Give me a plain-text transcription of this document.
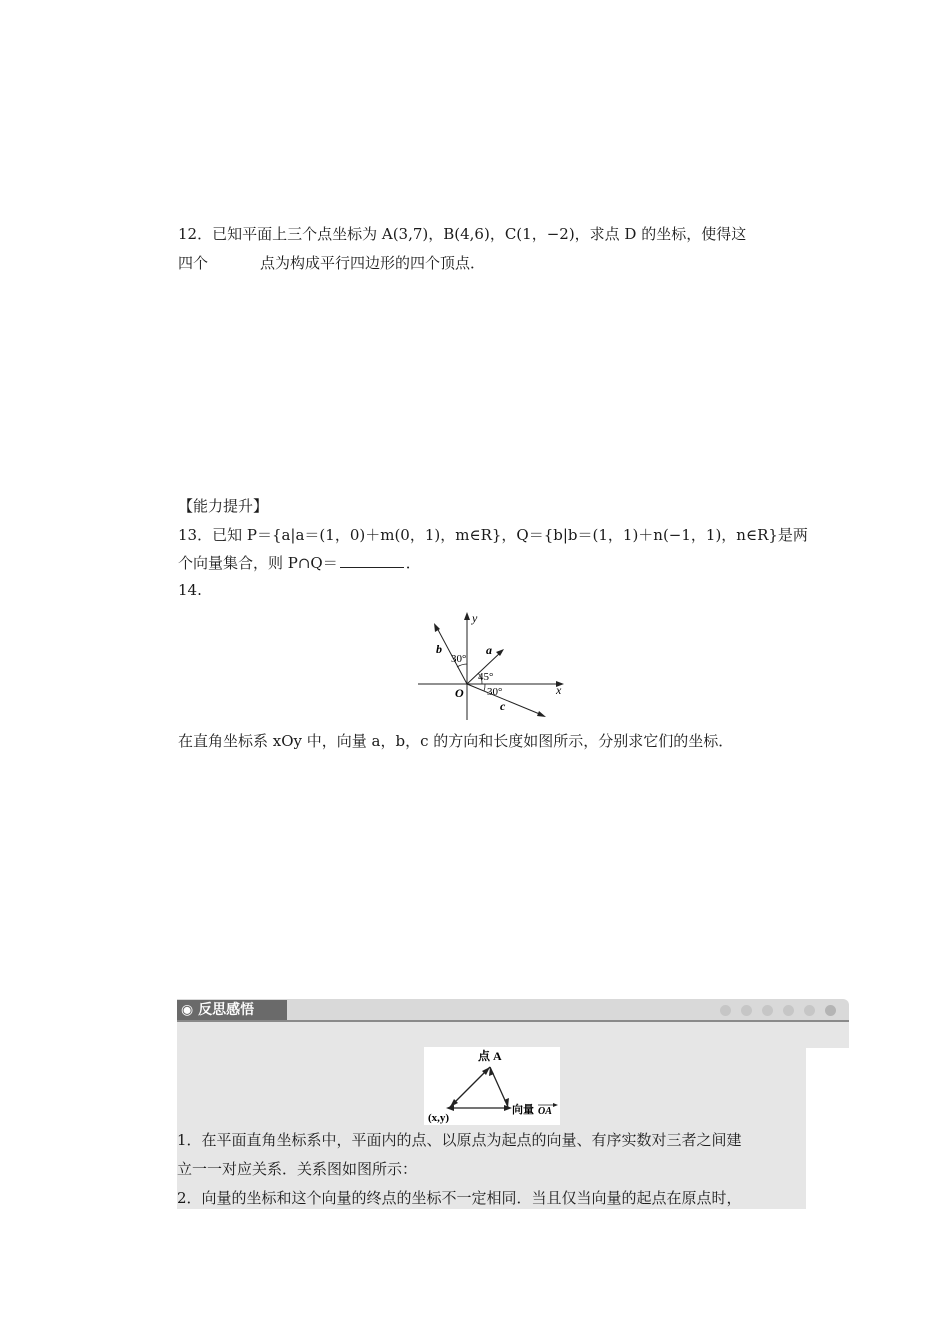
12．已知平面上三个点坐标为 A(3,7)，B(4,6)，C(1，−2)，求点 D 的坐标，使得这
四个	点为构成平行四边形的四个顶点．
【能力提升】
13．已知 P＝{a|a＝(1，0)＋m(0，1)，m∈R}，Q＝{b|b＝(1，1)＋n(−1，1)，n∈R}是两
个向量集合，则 P∩Q＝	．
14.
x
y
O
b	a
c
30°
45°
30°
在直角坐标系 xOy 中，向量 a，b，c 的方向和长度如图所示，分别求它们的坐标．
◉ 反思感悟
点 A
(x,y)
向量 OA
1．在平面直角坐标系中，平面内的点、以原点为起点的向量、有序实数对三者之间建
立一一对应关系．关系图如图所示：
2．向量的坐标和这个向量的终点的坐标不一定相同．当且仅当向量的起点在原点时，
